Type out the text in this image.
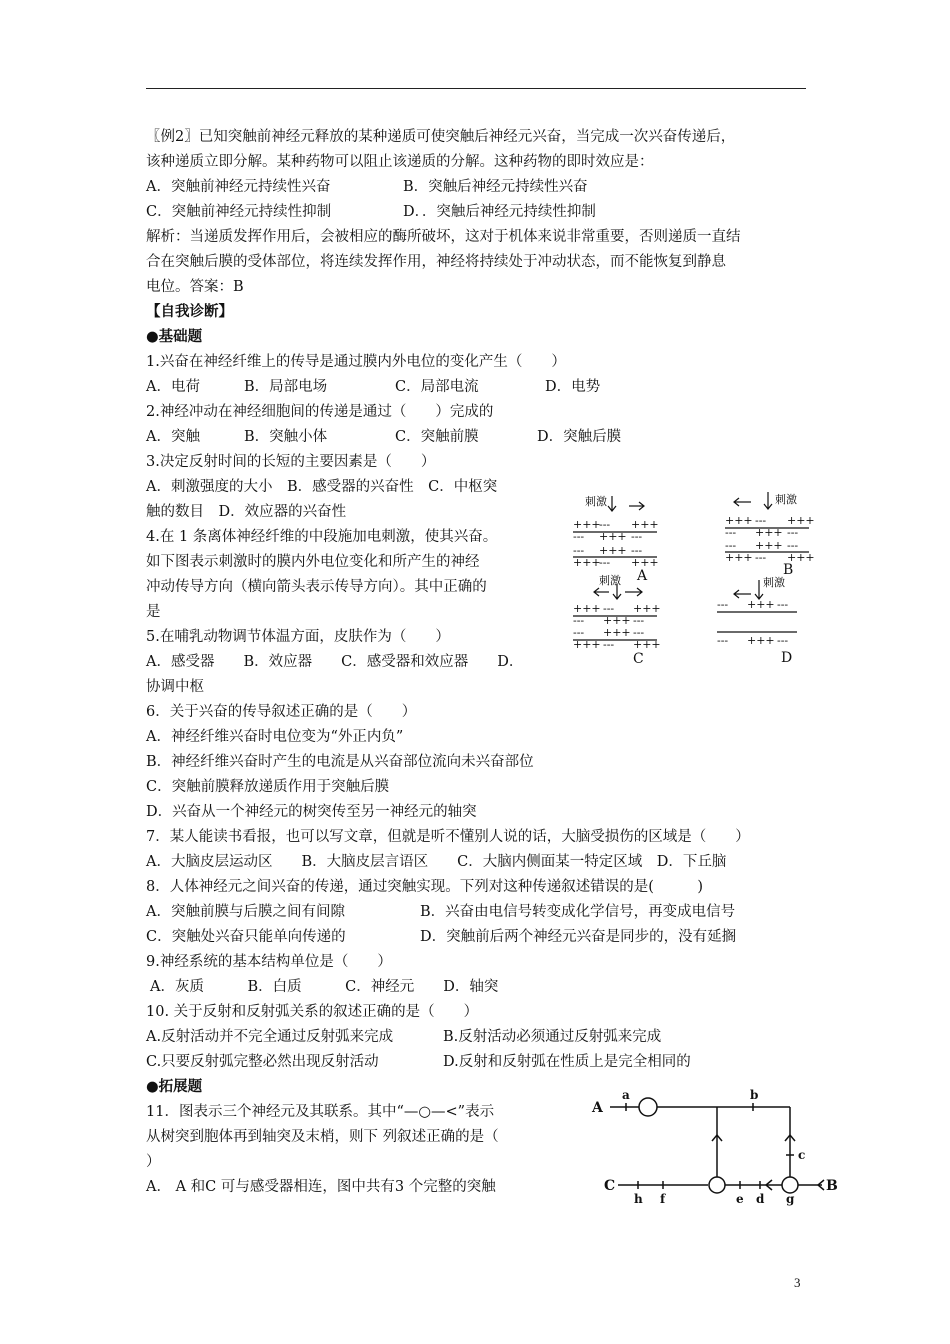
〖例2〗已知突触前神经元释放的某种递质可使突触后神经元兴奋，当完成一次兴奋传递后，
该种递质立即分解。某种药物可以阻止该递质的分解。这种药物的即时效应是：
A．突触前神经元持续性兴奋	B．突触后神经元持续性兴奋
C．突触前神经元持续性抑制	D．．突触后神经元持续性抑制
解析：当递质发挥作用后，会被相应的酶所破坏，这对于机体来说非常重要，否则递质一直结
合在突触后膜的受体部位，将连续发挥作用，神经将持续处于冲动状态，而不能恢复到静息
电位。答案：B
【自我诊断】
●基础题
1.兴奋在神经纤维上的传导是通过膜内外电位的变化产生（　　）
A．电荷	B．局部电场	C．局部电流	D．电势
2.神经冲动在神经细胞间的传递是通过（　　）完成的
A．突触	B．突触小体	C．突触前膜	D．突触后膜
3.决定反射时间的长短的主要因素是（　　）
A．刺激强度的大小　B．感受器的兴奋性　C．中枢突
触的数目　D．效应器的兴奋性
4.在 1 条离体神经纤维的中段施加电刺激，使其兴奋。
如下图表示刺激时的膜内外电位变化和所产生的神经
冲动传导方向（横向箭头表示传导方向）。其中正确的
是
5.在哺乳动物调节体温方面，皮肤作为（　　）
A．感受器　　B．效应器　　C．感受器和效应器　　D．
协调中枢
6．关于兴奋的传导叙述正确的是（　　）
A．神经纤维兴奋时电位变为“外正内负”
B．神经纤维兴奋时产生的电流是从兴奋部位流向未兴奋部位
C．突触前膜释放递质作用于突触后膜
D．兴奋从一个神经元的树突传至另一神经元的轴突
7．某人能读书看报，也可以写文章，但就是听不懂别人说的话，大脑受损伤的区域是（　　）
A．大脑皮层运动区　　B．大脑皮层言语区　　C．大脑内侧面某一特定区域　D．下丘脑
8．人体神经元之间兴奋的传递，通过突触实现。下列对这种传递叙述错误的是(　　　)
A．突触前膜与后膜之间有间隙	B．兴奋由电信号转变成化学信号，再变成电信号
C．突触处兴奋只能单向传递的	D．突触前后两个神经元兴奋是同步的，没有延搁
9.神经系统的基本结构单位是（　　）
A．灰质　　　B．白质　　　C．神经元　　D．轴突
10. 关于反射和反射弧关系的叙述正确的是（　　）
A.反射活动并不完全通过反射弧来完成	B.反射活动必须通过反射弧来完成
C.只要反射弧完整必然出现反射活动	D.反射和反射弧在性质上是完全相同的
●拓展题
11．图表示三个神经元及其联系。其中“—○—<”表示
从树突到胞体再到轴突及末梢，则下 列叙述正确的是（
）
A． A 和C 可与感受器相连，图中共有3 个完整的突触
刺激
+++
--- +++
--- +++ ---
--- +++ ---
+++
--- +++
A
刺激
+++ --- +++
--- +++ ---
--- +++ ---
+++ --- +++
B
刺激
+++ --- +++
--- +++ ---
--- +++ ---
+++ --- +++
C
刺激
--- +++ ---
--- +++ ---
D
A
a	b
c
C
h f	e d g
B
3
